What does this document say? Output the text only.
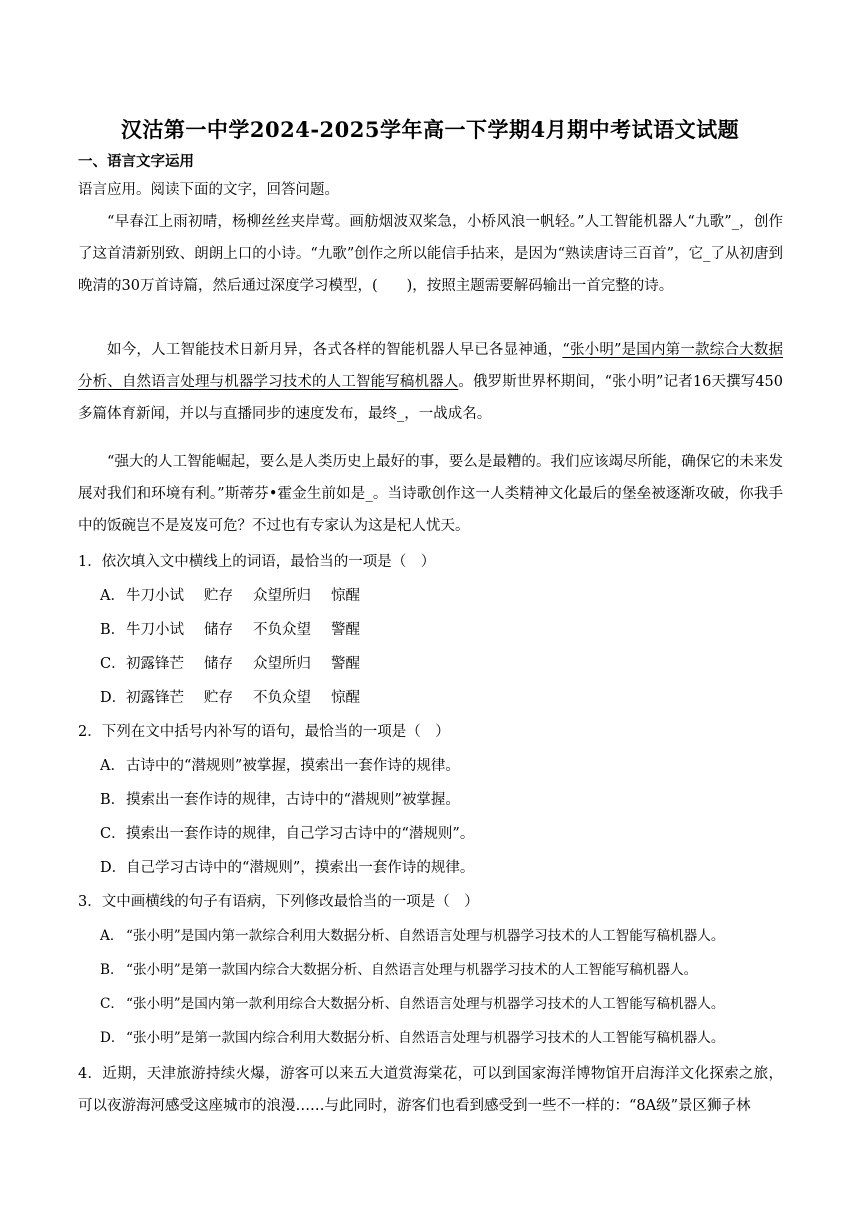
汉沽第一中学2024-2025学年高一下学期4月期中考试语文试题
一、语言文字运用
语言应用。阅读下面的文字，回答问题。

“早春江上雨初晴，杨柳丝丝夹岸莺。画舫烟波双桨急，小桥风浪一帆轻。”人工智能机器人“九歌”_，创作了这首清新别致、朗朗上口的小诗。“九歌”创作之所以能信手拈来，是因为“熟读唐诗三百首”，它_了从初唐到晚清的30万首诗篇，然后通过深度学习模型，(　　)，按照主题需要解码输出一首完整的诗。

如今，人工智能技术日新月异，各式各样的智能机器人早已各显神通，“张小明”是国内第一款综合大数据分析、自然语言处理与机器学习技术的人工智能写稿机器人。俄罗斯世界杯期间，“张小明”记者16天撰写450多篇体育新闻，并以与直播同步的速度发布，最终_，一战成名。

“强大的人工智能崛起，要么是人类历史上最好的事，要么是最糟的。我们应该竭尽所能，确保它的未来发展对我们和环境有利。”斯蒂芬•霍金生前如是_。当诗歌创作这一人类精神文化最后的堡垒被逐渐攻破，你我手中的饭碗岂不是岌岌可危？不过也有专家认为这是杞人忧天。

1．依次填入文中横线上的词语，最恰当的一项是（　）
A．牛刀小试 贮存 众望所归 惊醒
B．牛刀小试 储存 不负众望 警醒
C．初露锋芒 储存 众望所归 警醒
D．初露锋芒 贮存 不负众望 惊醒
2．下列在文中括号内补写的语句，最恰当的一项是（　）
A．古诗中的“潜规则”被掌握，摸索出一套作诗的规律。
B．摸索出一套作诗的规律，古诗中的“潜规则”被掌握。
C．摸索出一套作诗的规律，自己学习古诗中的“潜规则”。
D．自己学习古诗中的“潜规则”，摸索出一套作诗的规律。
3．文中画横线的句子有语病，下列修改最恰当的一项是（　）
A． “张小明”是国内第一款综合利用大数据分析、自然语言处理与机器学习技术的人工智能写稿机器人。
B． “张小明”是第一款国内综合大数据分析、自然语言处理与机器学习技术的人工智能写稿机器人。
C． “张小明”是国内第一款利用综合大数据分析、自然语言处理与机器学习技术的人工智能写稿机器人。
D． “张小明”是第一款国内综合利用大数据分析、自然语言处理与机器学习技术的人工智能写稿机器人。
4．近期，天津旅游持续火爆，游客可以来五大道赏海棠花，可以到国家海洋博物馆开启海洋文化探索之旅，可以夜游海河感受这座城市的浪漫……与此同时，游客们也看到感受到一些不一样的：“8A级”景区狮子林
